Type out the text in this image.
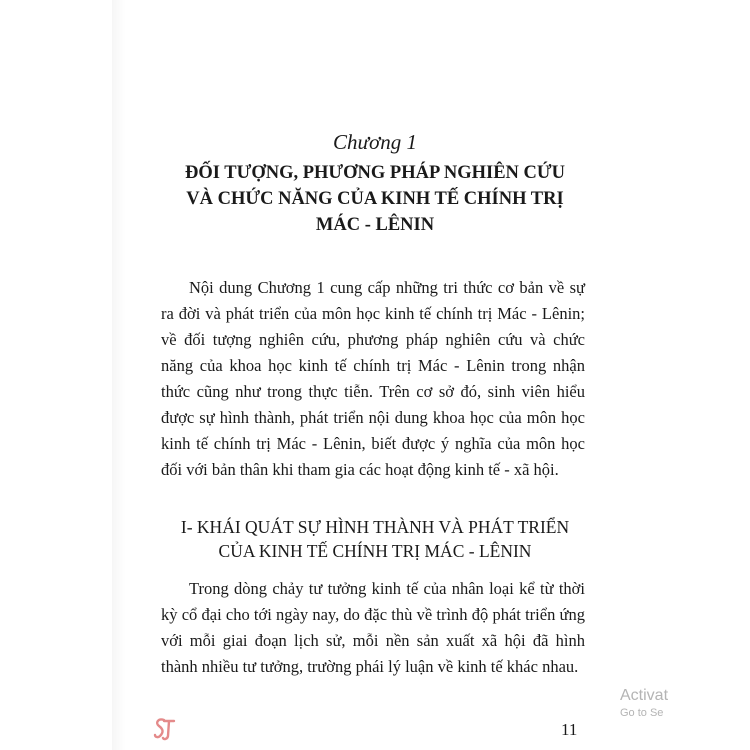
Chương 1
ĐỐI TƯỢNG, PHƯƠNG PHÁP NGHIÊN CỨU
VÀ CHỨC NĂNG CỦA KINH TẾ CHÍNH TRỊ
MÁC - LÊNIN

Nội dung Chương 1 cung cấp những tri thức cơ bản về sự ra đời và phát triển của môn học kinh tế chính trị Mác - Lênin; về đối tượng nghiên cứu, phương pháp nghiên cứu và chức năng của khoa học kinh tế chính trị Mác - Lênin trong nhận thức cũng như trong thực tiễn. Trên cơ sở đó, sinh viên hiểu được sự hình thành, phát triển nội dung khoa học của môn học kinh tế chính trị Mác - Lênin, biết được ý nghĩa của môn học đối với bản thân khi tham gia các hoạt động kinh tế - xã hội.

I- KHÁI QUÁT SỰ HÌNH THÀNH VÀ PHÁT TRIỂN
CỦA KINH TẾ CHÍNH TRỊ MÁC - LÊNIN

Trong dòng chảy tư tưởng kinh tế của nhân loại kể từ thời kỳ cổ đại cho tới ngày nay, do đặc thù về trình độ phát triển ứng với mỗi giai đoạn lịch sử, mỗi nền sản xuất xã hội đã hình thành nhiều tư tưởng, trường phái lý luận về kinh tế khác nhau.

Activat
Go to Se
11
